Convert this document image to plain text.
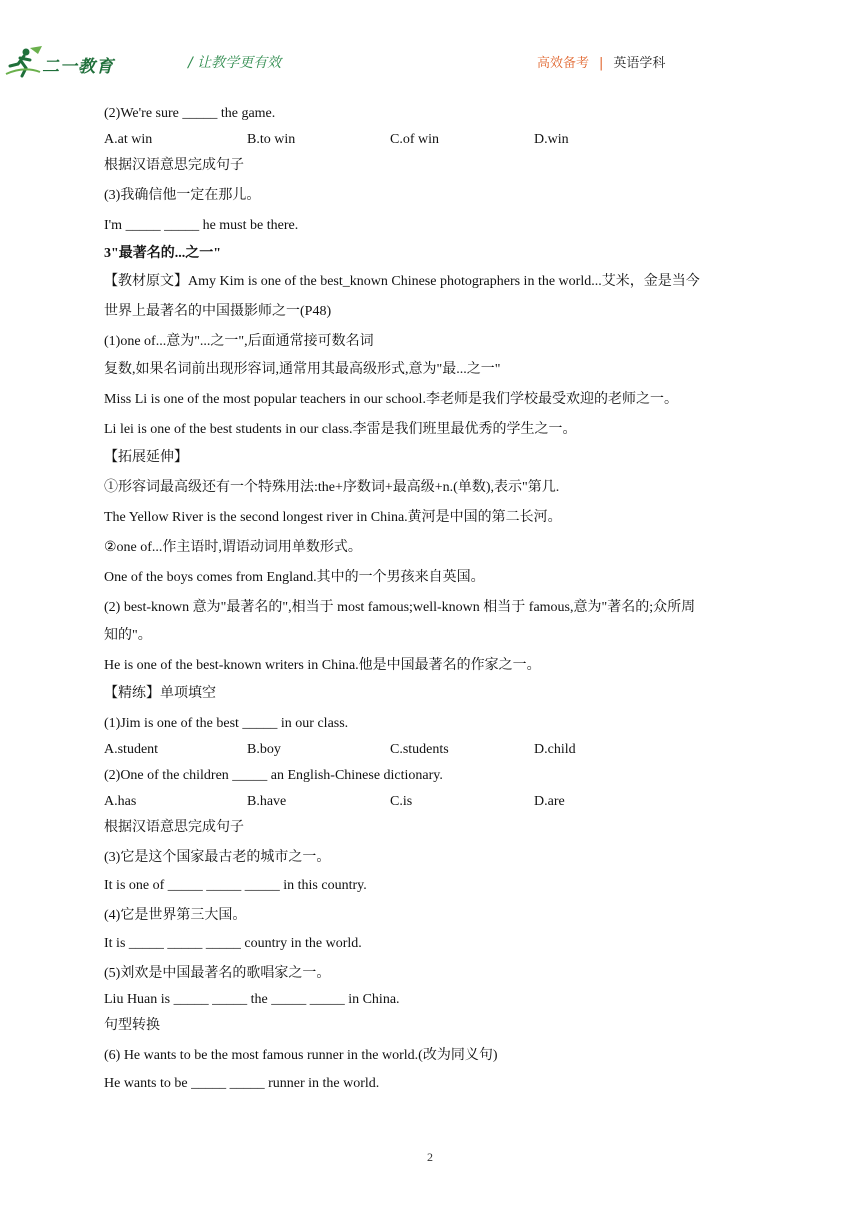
二一教育	/ 让教学更有效	高效备考 | 英语学科
(2)We're sure _____ the game.
A.at win	B.to win	C.of win	D.win
根据汉语意思完成句子
(3)我确信他一定在那儿。
I'm _____ _____ he must be there.
3"最著名的...之一"
【教材原文】Amy Kim is one of the best_known Chinese photographers in the world...艾米，金是当今
世界上最著名的中国摄影师之一(P48)
(1)one of...意为"...之一",后面通常接可数名词
复数,如果名词前出现形容词,通常用其最高级形式,意为"最...之一"
Miss Li is one of the most popular teachers in our school.李老师是我们学校最受欢迎的老师之一。
Li lei is one of the best students in our class.李雷是我们班里最优秀的学生之一。
【拓展延伸】
①形容词最高级还有一个特殊用法:the+序数词+最高级+n.(单数),表示"第几.
The Yellow River is the second longest river in China.黄河是中国的第二长河。
②one of...作主语时,谓语动词用单数形式。
One of the boys comes from England.其中的一个男孩来自英国。
(2) best-known 意为"最著名的",相当于 most famous;well-known 相当于 famous,意为"著名的;众所周
知的"。
He is one of the best-known writers in China.他是中国最著名的作家之一。
【精练】单项填空
(1)Jim is one of the best _____ in our class.
A.student	B.boy	C.students	D.child
(2)One of the children _____ an English-Chinese dictionary.
A.has	B.have	C.is	D.are
根据汉语意思完成句子
(3)它是这个国家最古老的城市之一。
It is one of _____ _____ _____ in this country.
(4)它是世界第三大国。
It is _____ _____ _____ country in the world.
(5)刘欢是中国最著名的歌唱家之一。
Liu Huan is _____ _____ the _____ _____ in China.
句型转换
(6) He wants to be the most famous runner in the world.(改为同义句)
He wants to be _____ _____ runner in the world.
2
